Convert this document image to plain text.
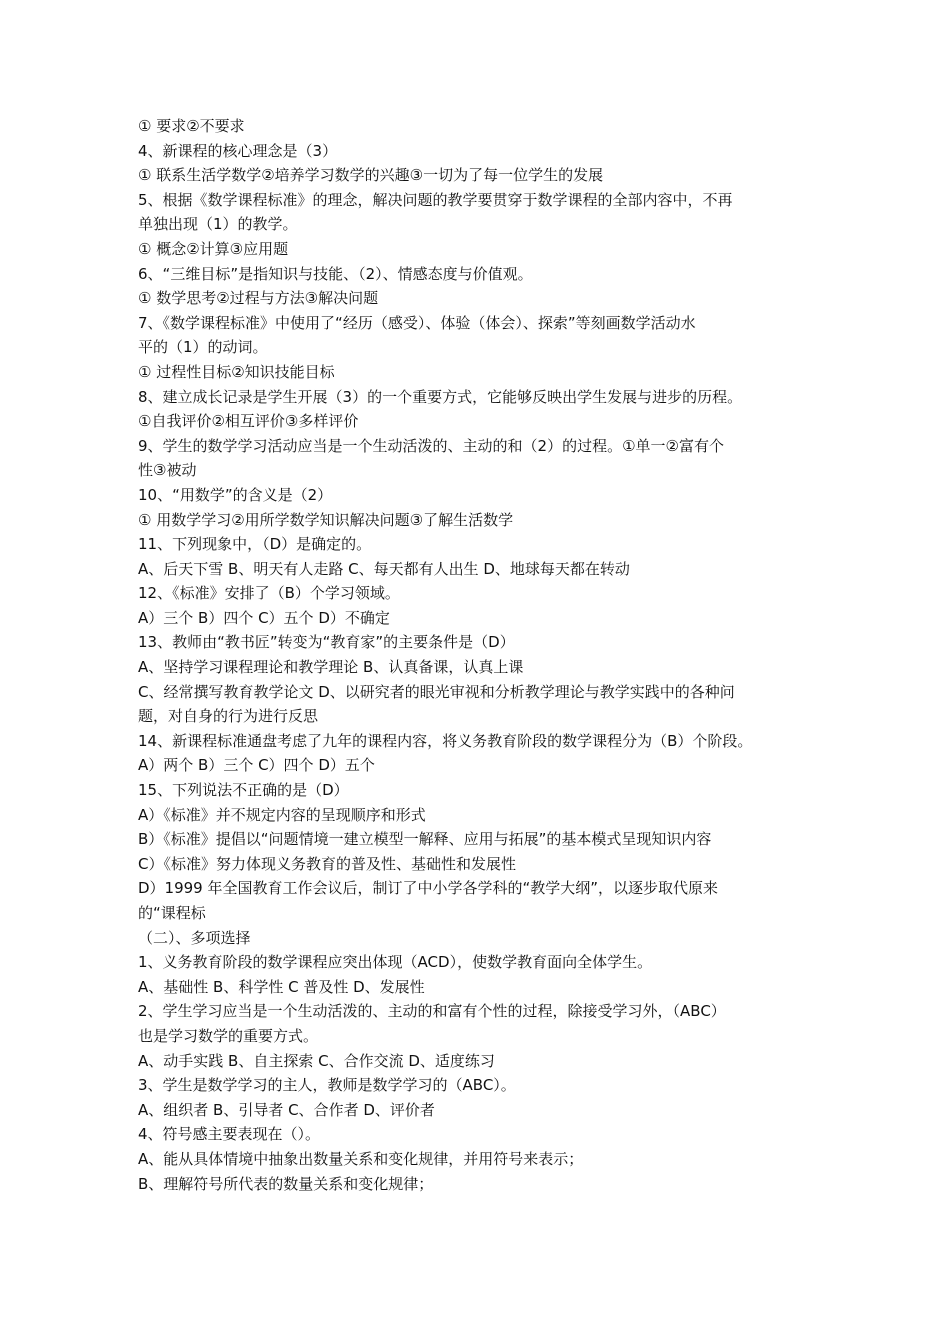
① 要求②不要求
4、新课程的核心理念是（3）
① 联系生活学数学②培养学习数学的兴趣③一切为了每一位学生的发展
5、根据《数学课程标准》的理念，解决问题的教学要贯穿于数学课程的全部内容中，不再
单独出现（1）的教学。
① 概念②计算③应用题
6、“三维目标”是指知识与技能、（2）、情感态度与价值观。
① 数学思考②过程与方法③解决问题
7、《数学课程标准》中使用了“经历（感受）、体验（体会）、探索”等刻画数学活动水
平的（1）的动词。
① 过程性目标②知识技能目标
8、建立成长记录是学生开展（3）的一个重要方式，它能够反映出学生发展与进步的历程。
①自我评价②相互评价③多样评价
9、学生的数学学习活动应当是一个生动活泼的、主动的和（2）的过程。①单一②富有个
性③被动
10、“用数学”的含义是（2）
① 用数学学习②用所学数学知识解决问题③了解生活数学
11、下列现象中，（D）是确定的。
A、后天下雪 B、明天有人走路 C、每天都有人出生 D、地球每天都在转动
12、《标准》安排了（B）个学习领域。
A）三个 B）四个 C）五个 D）不确定
13、教师由“教书匠”转变为“教育家”的主要条件是（D）
A、坚持学习课程理论和教学理论 B、认真备课，认真上课
C、经常撰写教育教学论文 D、以研究者的眼光审视和分析教学理论与教学实践中的各种问
题，对自身的行为进行反思
14、新课程标准通盘考虑了九年的课程内容，将义务教育阶段的数学课程分为（B）个阶段。
A）两个 B）三个 C）四个 D）五个
15、下列说法不正确的是（D）
A）《标准》并不规定内容的呈现顺序和形式
B）《标准》提倡以“问题情境一建立模型一解释、应用与拓展”的基本模式呈现知识内容
C）《标准》努力体现义务教育的普及性、基础性和发展性
D）1999 年全国教育工作会议后，制订了中小学各学科的“教学大纲”，以逐步取代原来
的“课程标
（二）、多项选择
1、义务教育阶段的数学课程应突出体现（ACD），使数学教育面向全体学生。
A、基础性 B、科学性 C 普及性 D、发展性
2、学生学习应当是一个生动活泼的、主动的和富有个性的过程，除接受学习外，（ABC）
也是学习数学的重要方式。
A、动手实践 B、自主探索 C、合作交流 D、适度练习
3、学生是数学学习的主人，教师是数学学习的（ABC）。
A、组织者 B、引导者 C、合作者 D、评价者
4、符号感主要表现在（）。
A、能从具体情境中抽象出数量关系和变化规律，并用符号来表示；
B、理解符号所代表的数量关系和变化规律；
